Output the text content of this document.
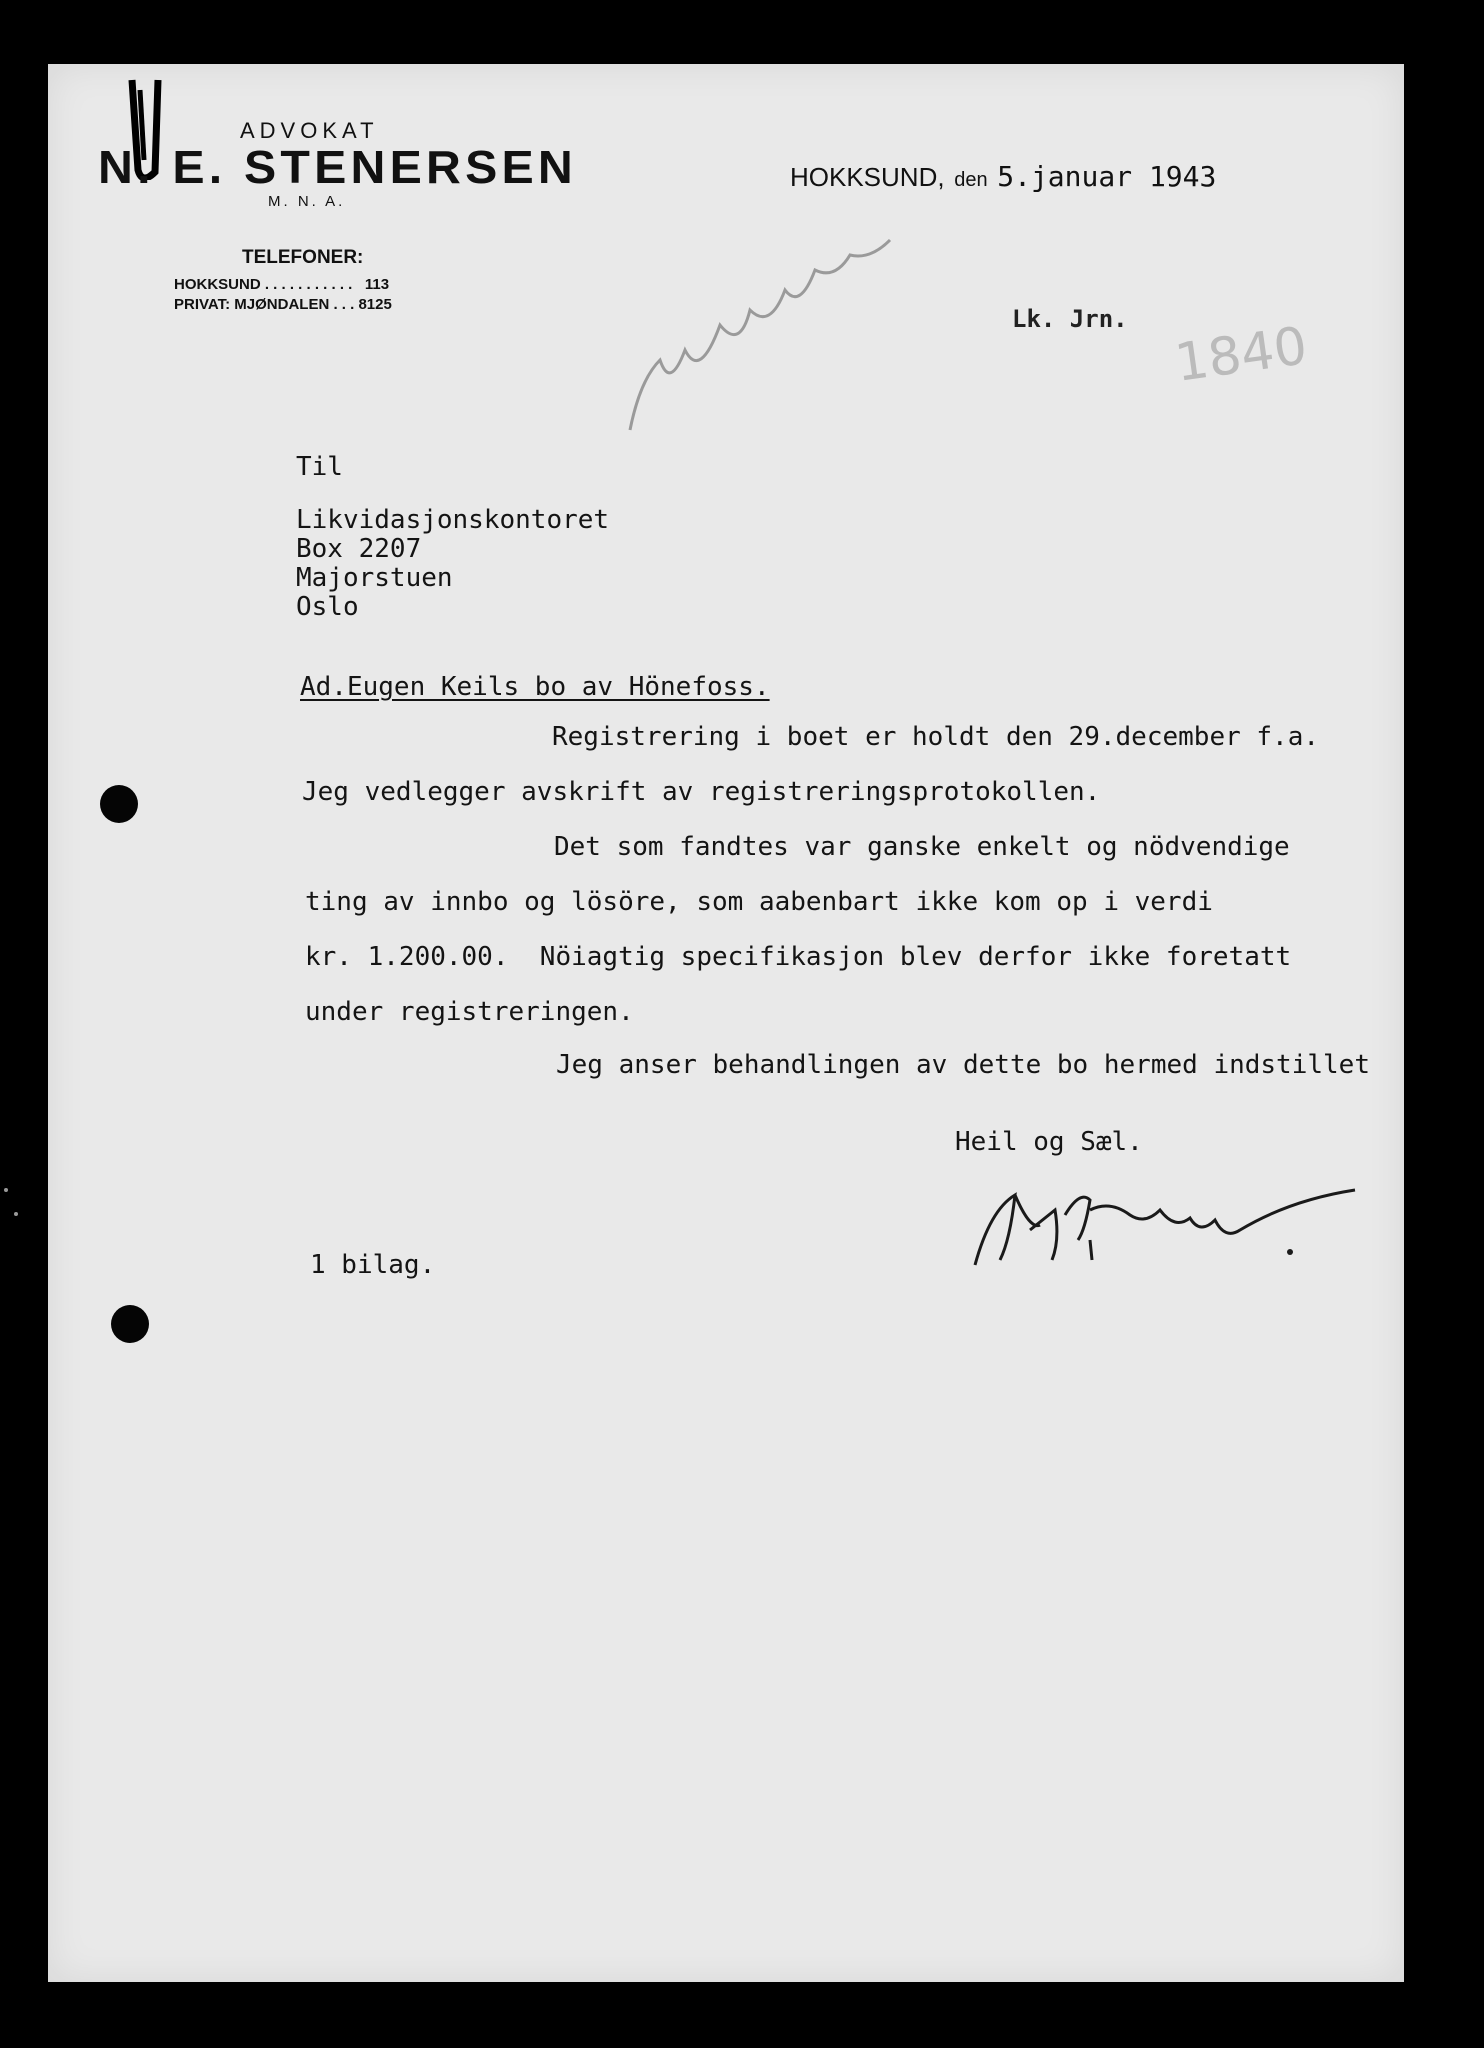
ADVOKAT
N. E. STENERSEN
M. N. A.
TELEFONER:
HOKKSUND . . . . . . . . . . .   113
PRIVAT: MJØNDALEN . . . 8125
HOKKSUND, den 5.januar 1943
Lk. Jrn. 1840
Til
Likvidasjonskontoret
Box 2207
Majorstuen
Oslo
Ad.Eugen Keils bo av Hönefoss.
Registrering i boet er holdt den 29.december f.a.
Jeg vedlegger avskrift av registreringsprotokollen.
Det som fandtes var ganske enkelt og nödvendige
ting av innbo og lösöre, som aabenbart ikke kom op i verdi
kr. 1.200.00.  Nöiagtig specifikasjon blev derfor ikke foretatt
under registreringen.
Jeg anser behandlingen av dette bo hermed indstillet
Heil og Sæl.
1 bilag.
